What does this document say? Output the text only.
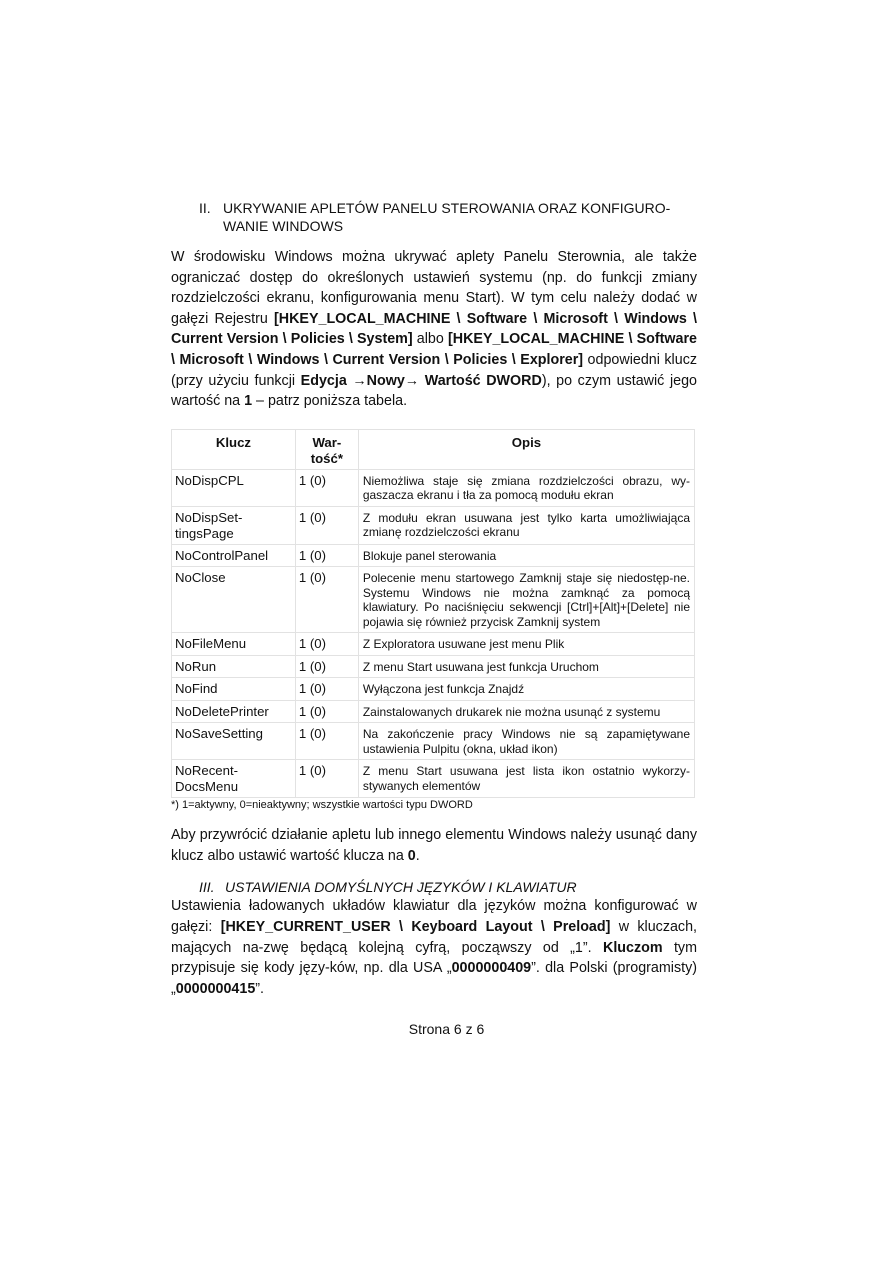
II. UKRYWANIE APLETÓW PANELU STEROWANIA ORAZ KONFIGURO-WANIE WINDOWS

W środowisku Windows można ukrywać aplety Panelu Sterownia, ale także ograniczać dostęp do określonych ustawień systemu (np. do funkcji zmiany rozdzielczości ekranu, konfigurowania menu Start). W tym celu należy dodać w gałęzi Rejestru [HKEY_LOCAL_MACHINE \ Software \ Microsoft \ Windows \ Current Version \ Policies \ System] albo [HKEY_LOCAL_MACHINE \ Software \ Microsoft \ Windows \ Current Version \ Policies \ Explorer] odpowiedni klucz (przy użyciu funkcji Edycja →Nowy→ Wartość DWORD), po czym ustawić jego wartość na 1 – patrz poniższa tabela.

Klucz	War-tość*	Opis
NoDispCPL	1 (0)	Niemożliwa staje się zmiana rozdzielczości obrazu, wy-gaszacza ekranu i tła za pomocą modułu ekran
NoDispSet-tingsPage	1 (0)	Z modułu ekran usuwana jest tylko karta umożliwiająca zmianę rozdzielczości ekranu
NoControlPanel	1 (0)	Blokuje panel sterowania
NoClose	1 (0)	Polecenie menu startowego Zamknij staje się niedostęp-ne. Systemu Windows nie można zamknąć za pomocą klawiatury. Po naciśnięciu sekwencji [Ctrl]+[Alt]+[Delete] nie pojawia się również przycisk Zamknij system
NoFileMenu	1 (0)	Z Exploratora usuwane jest menu Plik
NoRun	1 (0)	Z menu Start usuwana jest funkcja Uruchom
NoFind	1 (0)	Wyłączona jest funkcja Znajdź
NoDeletePrinter	1 (0)	Zainstalowanych drukarek nie można usunąć z systemu
NoSaveSetting	1 (0)	Na zakończenie pracy Windows nie są zapamiętywane ustawienia Pulpitu (okna, układ ikon)
NoRecent-DocsMenu	1 (0)	Z menu Start usuwana jest lista ikon ostatnio wykorzy-stywanych elementów
*) 1=aktywny, 0=nieaktywny; wszystkie wartości typu DWORD

Aby przywrócić działanie apletu lub innego elementu Windows należy usunąć dany klucz albo ustawić wartość klucza na 0.

III. USTAWIENIA DOMYŚLNYCH JĘZYKÓW I KLAWIATUR

Ustawienia ładowanych układów klawiatur dla języków można konfigurować w gałęzi: [HKEY_CURRENT_USER \ Keyboard Layout \ Preload] w kluczach, mających na-zwę będącą kolejną cyfrą, począwszy od „1”. Kluczom tym przypisuje się kody języ-ków, np. dla USA „0000000409”. dla Polski (programisty) „0000000415”.

Strona 6 z 6
